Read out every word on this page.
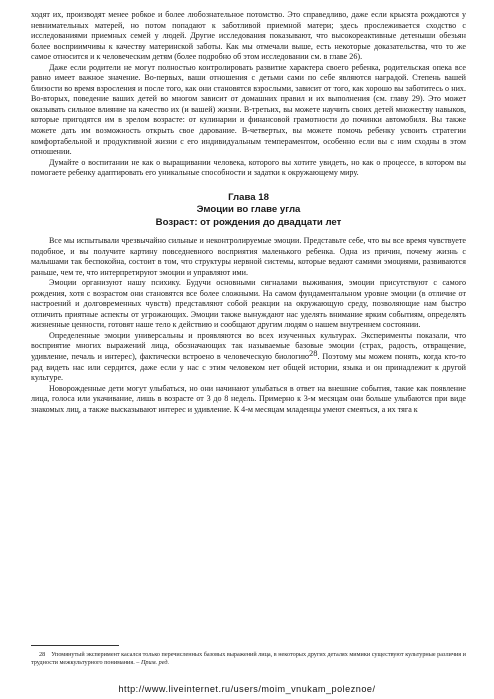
ходят их, производят менее робкое и более любознательное потомство. Это справедливо, даже если крысята рождаются у невнимательных матерей, но потом попадают к заботливой приемной матери; здесь прослеживается сходство с исследованиями приемных семей у людей. Другие исследования показывают, что высокореактивные детеныши обезьян более восприимчивы к качеству материнской заботы. Как мы отмечали выше, есть некоторые доказательства, что то же самое относится и к человеческим детям (более подробно об этом исследовании см. в главе 26).

Даже если родители не могут полностью контролировать развитие характера своего ребенка, родительская опека все равно имеет важное значение. Во-первых, ваши отношения с детьми сами по себе являются наградой. Степень вашей близости во время взросления и после того, как они становятся взрослыми, зависит от того, как хорошо вы заботитесь о них. Во-вторых, поведение ваших детей во многом зависит от домашних правил и их выполнения (см. главу 29). Это может оказывать сильное влияние на качество их (и вашей) жизни. В-третьих, вы можете научить своих детей множеству навыков, которые пригодятся им в зрелом возрасте: от кулинарии и финансовой грамотности до починки автомобиля. Вы также можете дать им возможность открыть свое дарование. В-четвертых, вы можете помочь ребенку усвоить стратегии комфортабельной и продуктивной жизни с его индивидуальным темпераментом, особенно если вы с ним сходны в этом отношении.

Думайте о воспитании не как о выращивании человека, которого вы хотите увидеть, но как о процессе, в котором вы помогаете ребенку адаптировать его уникальные способности и задатки к окружающему миру.

Глава 18

Эмоции во главе угла

Возраст: от рождения до двадцати лет

Все мы испытывали чрезвычайно сильные и неконтролируемые эмоции. Представьте себе, что вы все время чувствуете подобное, и вы получите картину повседневного восприятия маленького ребенка. Одна из причин, почему жизнь с малышами так беспокойна, состоит в том, что структуры нервной системы, которые ведают самими эмоциями, развиваются раньше, чем те, что интерпретируют эмоции и управляют ими.

Эмоции организуют нашу психику. Будучи основными сигналами выживания, эмоции присутствуют с самого рождения, хотя с возрастом они становятся все более сложными. На самом фундаментальном уровне эмоции (в отличие от настроений и долговременных чувств) представляют собой реакции на окружающую среду, позволяющие нам быстро отличить приятные аспекты от угрожающих. Эмоции также вынуждают нас уделять внимание ярким событиям, определять жизненные ценности, готовят наше тело к действию и сообщают другим людям о нашем внутреннем состоянии.

Определенные эмоции универсальны и проявляются во всех изученных культурах. Эксперименты показали, что восприятие многих выражений лица, обозначающих так называемые базовые эмоции (страх, радость, отвращение, удивление, печаль и интерес), фактически встроено в человеческую биологию28. Поэтому мы можем понять, когда кто-то рад видеть нас или сердится, даже если у нас с этим человеком нет общей истории, языка и он принадлежит к другой культуре.

Новорожденные дети могут улыбаться, но они начинают улыбаться в ответ на внешние события, такие как появление лица, голоса или укачивание, лишь в возрасте от 3 до 8 недель. Примерно к 3-м месяцам они больше улыбаются при виде знакомых лиц, а также высказывают интерес и удивление. К 4-м месяцам младенцы умеют смеяться, а их тяга к

28 Упомянутый эксперимент касался только перечисленных базовых выражений лица, в некоторых других деталях мимики существуют культурные различия и трудности межкультурного понимания. – Прим. ред.

http://www.liveinternet.ru/users/moim_vnukam_poleznoe/
